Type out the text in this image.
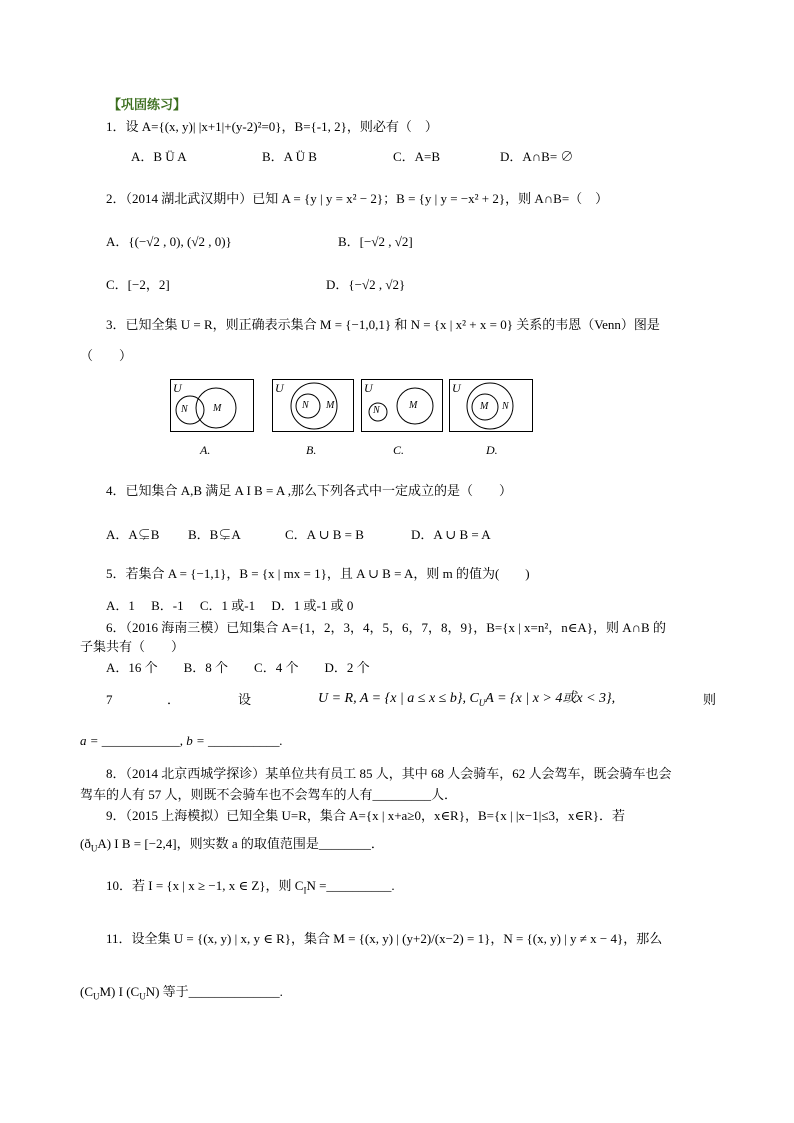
【巩固练习】
1．设 A={(x, y)| |x+1|+(y-2)²=0}，B={-1, 2}，则必有（　）
A．B Ü A	B．A Ü B	C．A=B	D．A∩B= ∅
2．（2014 湖北武汉期中）已知 A = {y | y = x² − 2}；B = {y | y = −x² + 2}，则 A∩B=（　）
A．{(−√2 , 0), (√2 , 0)}	B．[−√2 , √2]
C．[−2，2]	D．{−√2 , √2}
3．已知全集 U = R，则正确表示集合 M = {−1,0,1} 和 N = {x | x² + x = 0} 关系的韦恩（Venn）图是
（　　）
U
N	M
A.
U
N M
B.
U
N	M
C.
U
M N
D.
4．已知集合 A,B 满足 A I B = A ,那么下列各式中一定成立的是（　　）
A．A⊊B B．B⊊A	C．A ∪ B = B	D．A ∪ B = A
5．若集合 A = {−1,1}，B = {x | mx = 1}，且 A ∪ B = A，则 m 的值为(　　)
A．1　 B．-1　 C．1 或-1　 D．1 或-1 或 0
6．（2016 海南三模）已知集合 A={1，2，3，4，5，6，7，8，9}，B={x | x=n²，n∈A}，则 A∩B 的
子集共有（　　）
A．16 个　　B．8 个　　C．4 个　　D．2 个
7	．	设	U = R, A = {x | a ≤ x ≤ b}, $C_UA = \{x$ | x > 4或x < 3},	则
a = ____________, b = ___________.
8．（2014 北京西城学探诊）某单位共有员工 85 人，其中 68 人会骑车，62 人会驾车，既会骑车也会
驾车的人有 57 人，则既不会骑车也不会驾车的人有_________人．
9．（2015 上海模拟）已知全集 U=R，集合 A={x | x+a≥0，x∈R}，B={x | |x−1|≤3，x∈R}．若
$(ð_UA)$ I B = [−2,4]，则实数 a 的取值范围是________．
10．若 I = {x | x ≥ −1, x ∈ Z}，则 $C_IN$ =__________.
11．设全集 U = {(x, y) | x, y ∈ R}，集合 M = {(x, y) | (y+2)/(x−2) = 1}，N = {(x, y) | y ≠ x − 4}，那么
$(C_UM)$ I $(C_UN)$ 等于______________.
